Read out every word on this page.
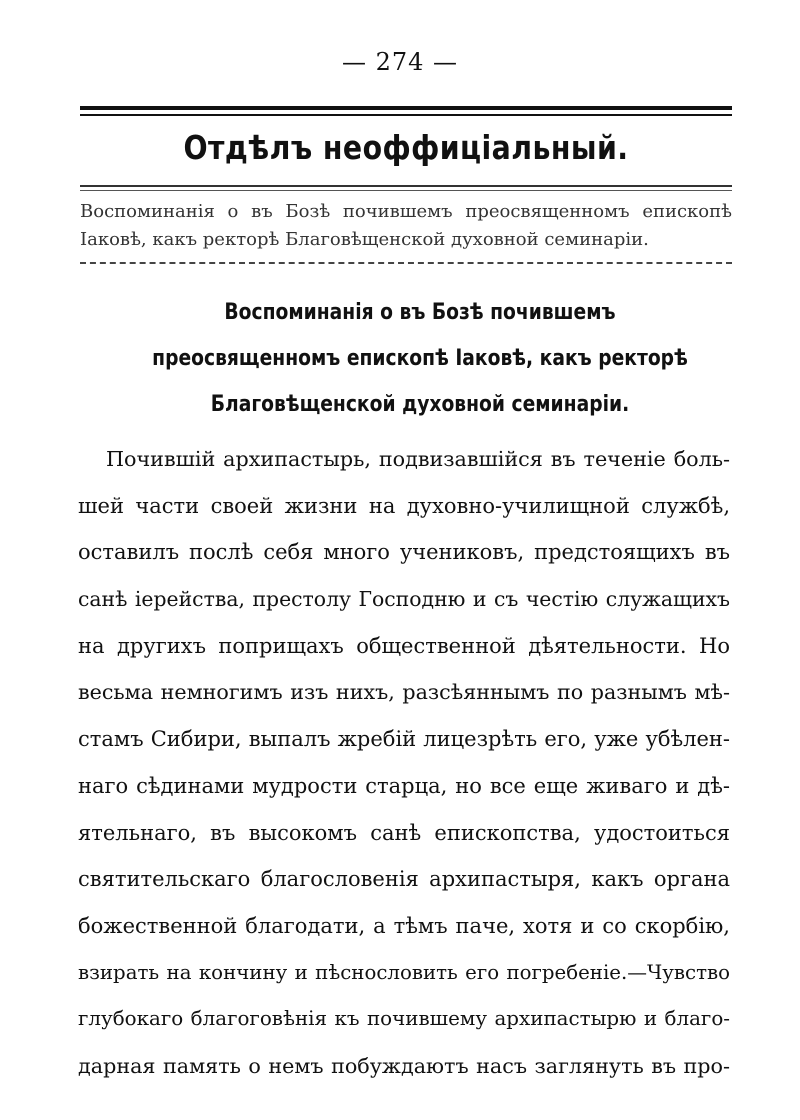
— 274 —
Отдѣлъ неоффиціальный.
Воспоминанія о въ Бозѣ почившемъ преосвященномъ епископѣ Іаковѣ, какъ ректорѣ Благовѣщенской духовной семинаріи.
Воспоминанія о въ Бозѣ почившемъ преосвященномъ епископѣ Іаковѣ, какъ ректорѣ Благовѣщенской духовной семинаріи.
Почившій архипастырь, подвизавшійся въ теченіе боль-
шей части своей жизни на духовно-училищной службѣ,
оставилъ послѣ себя много учениковъ, предстоящихъ въ
санѣ іерейства, престолу Господню и съ честію служащихъ
на другихъ поприщахъ общественной дѣятельности. Но
весьма немногимъ изъ нихъ, разсѣяннымъ по разнымъ мѣ-
стамъ Сибири, выпалъ жребій лицезрѣть его, уже убѣлен-
наго сѣдинами мудрости старца, но все еще живаго и дѣ-
ятельнаго, въ высокомъ санѣ епископства, удостоиться
святительскаго благословенія архипастыря, какъ органа
божественной благодати, а тѣмъ паче, хотя и со скорбію,
взирать на кончину и пѣснословить его погребеніе.—Чувство
глубокаго благоговѣнія къ почившему архипастырю и благо-
дарная память о немъ побуждаютъ насъ заглянуть въ про-
